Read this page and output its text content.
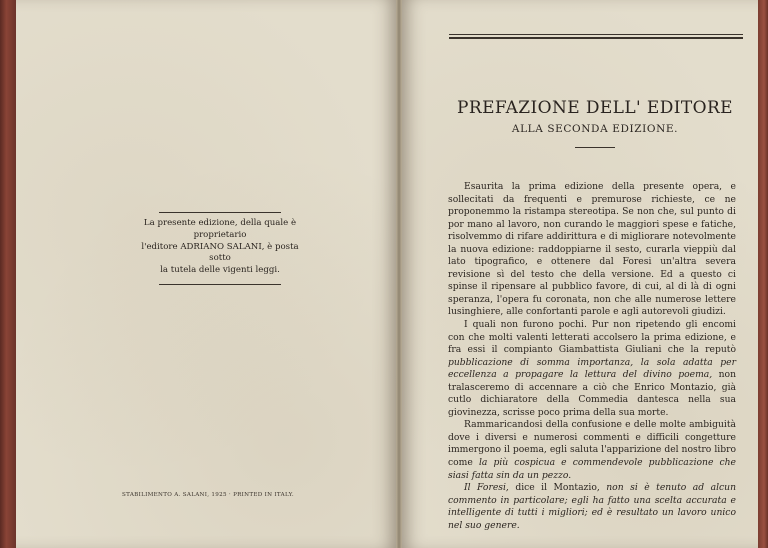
La presente edizione, della quale è proprietario
l'editore ADRIANO SALANI, è posta sotto
la tutela delle vigenti leggi.
STABILIMENTO A. SALANI, 1925 · PRINTED IN ITALY.
PREFAZIONE DELL' EDITORE
ALLA SECONDA EDIZIONE.

Esaurita la prima edizione della presente opera, e sollecitati da frequenti e premurose richieste, ce ne proponemmo la ristampa stereotipa. Se non che, sul punto di por mano al lavoro, non curando le maggiori spese e fatiche, risolvemmo di rifare addirittura e di migliorare notevolmente la nuova edizione: raddoppiarne il sesto, curarla vieppiù dal lato tipografico, e ottenere dal Foresi un'altra severa revisione sì del testo che della versione. Ed a questo ci spinse il ripensare al pubblico favore, di cui, al di là di ogni speranza, l'opera fu coronata, non che alle numerose lettere lusinghiere, alle confortanti parole e agli autorevoli giudizi.

I quali non furono pochi. Pur non ripetendo gli encomi con che molti valenti letterati accolsero la prima edizione, e fra essi il compianto Giambattista Giuliani che la reputò pubblicazione di somma importanza, la sola adatta per eccellenza a propagare la lettura del divino poema, non tralasceremo di accennare a ciò che Enrico Montazio, già cutlo dichiaratore della Commedia dantesca nella sua giovinezza, scrisse poco prima della sua morte.

Rammaricandosi della confusione e delle molte ambiguità dove i diversi e numerosi commenti e difficili congetture immergono il poema, egli saluta l'apparizione del nostro libro come la più cospicua e commendevole pubblicazione che siasi fatta sin da un pezzo.

Il Foresi, dice il Montazio, non si è tenuto ad alcun commento in particolare; egli ha fatto una scelta accurata e intelligente di tutti i migliori; ed è resultato un lavoro unico nel suo genere.
